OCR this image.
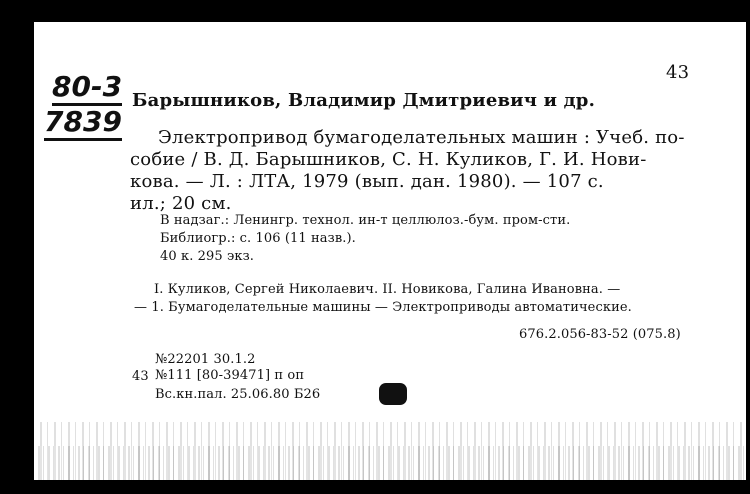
80-3
7839
43
Барышников, Владимир Дмитриевич и др.
Электропривод бумагоделательных машин : Учеб. по-
собие / В. Д. Барышников, С. Н. Куликов, Г. И. Нови-
кова. — Л. : ЛТА, 1979 (вып. дан. 1980). — 107 с.
ил.; 20 см.
В надзаг.: Ленингр. технол. ин-т целлюлоз.-бум. пром-сти.
Библиогр.: с. 106 (11 назв.).
40 к. 295 экз.
I. Куликов, Сергей Николаевич. II. Новикова, Галина Ивановна. —
— 1. Бумагоделательные машины — Электроприводы автоматические.
676.2.056-83-52 (075.8)
№22201 30.1.2
43 №111 [80-39471] п оп
Вс.кн.пал. 25.06.80 Б26
